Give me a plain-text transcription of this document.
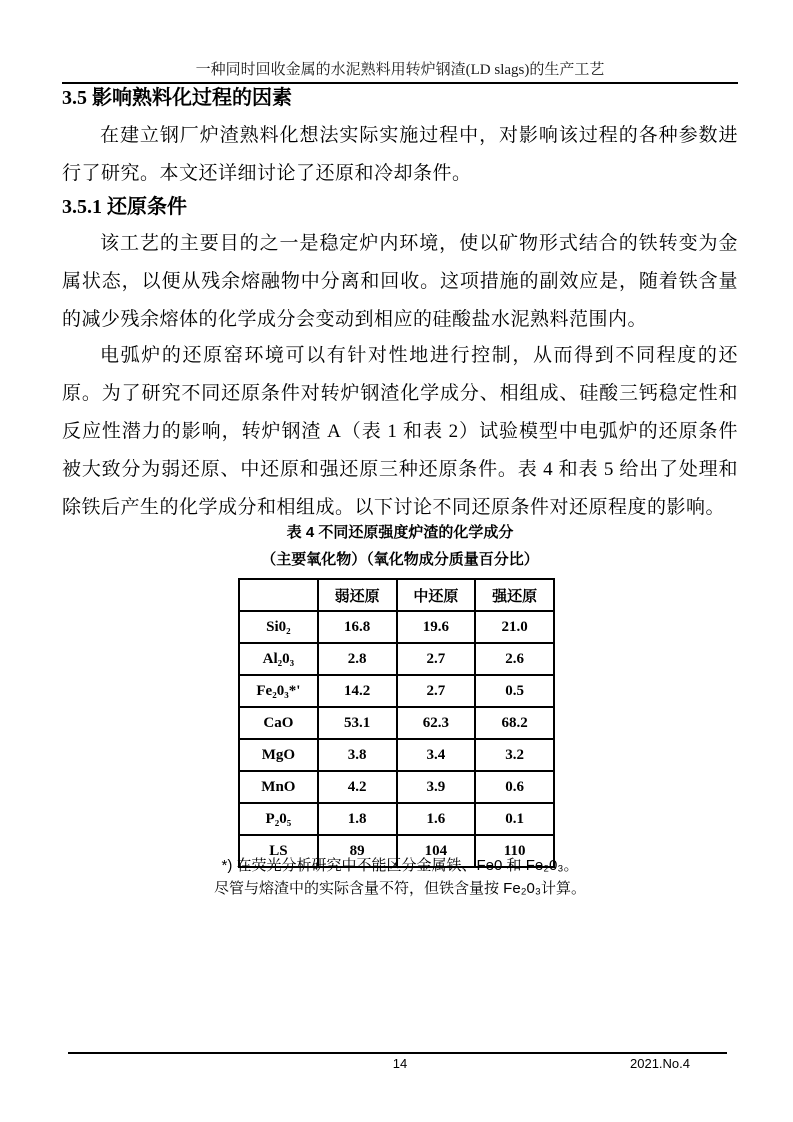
一种同时回收金属的水泥熟料用转炉钢渣(LD slags)的生产工艺
3.5 影响熟料化过程的因素

在建立钢厂炉渣熟料化想法实际实施过程中，对影响该过程的各种参数进行了研究。本文还详细讨论了还原和冷却条件。

3.5.1 还原条件

该工艺的主要目的之一是稳定炉内环境，使以矿物形式结合的铁转变为金属状态，以便从残余熔融物中分离和回收。这项措施的副效应是，随着铁含量的减少残余熔体的化学成分会变动到相应的硅酸盐水泥熟料范围内。

电弧炉的还原窑环境可以有针对性地进行控制，从而得到不同程度的还原。为了研究不同还原条件对转炉钢渣化学成分、相组成、硅酸三钙稳定性和反应性潜力的影响，转炉钢渣 A（表 1 和表 2）试验模型中电弧炉的还原条件被大致分为弱还原、中还原和强还原三种还原条件。表 4 和表 5 给出了处理和除铁后产生的化学成分和相组成。以下讨论不同还原条件对还原程度的影响。

表 4 不同还原强度炉渣的化学成分
（主要氧化物）（氧化物成分质量百分比）
	弱还原	中还原	强还原
Si0₂	16.8	19.6	21.0
Al₂0₃	2.8	2.7	2.6
Fe₂0₃*'	14.2	2.7	0.5
CaO	53.1	62.3	68.2
MgO	3.8	3.4	3.2
MnO	4.2	3.9	0.6
P₂0₅	1.8	1.6	0.1
LS	89	104	110
*) 在荧光分析研究中不能区分金属铁、Fe0 和 Fe₂0₃。
尽管与熔渣中的实际含量不符，但铁含量按 Fe₂0₃计算。
14	2021.No.4
